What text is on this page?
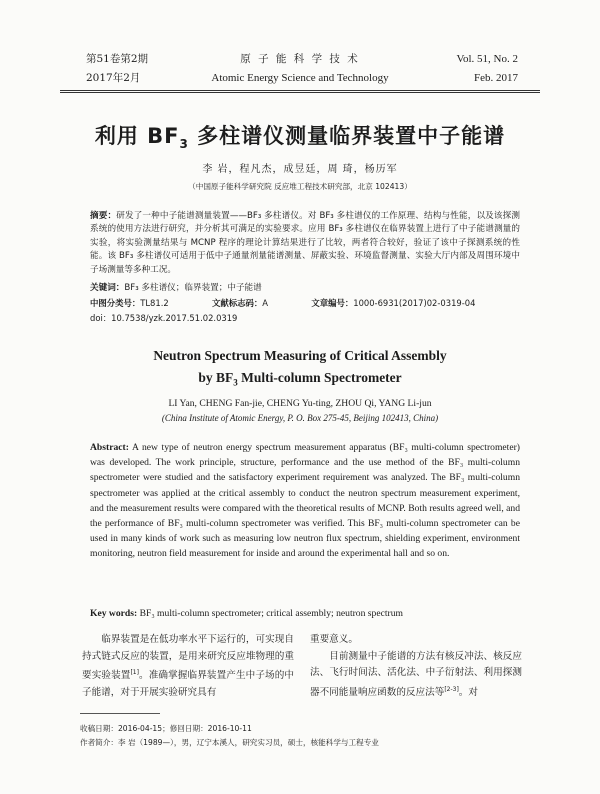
第51卷第2期
2017年2月
原 子 能 科 学 技 术
Atomic Energy Science and Technology
Vol. 51, No. 2
Feb. 2017
利用 $BF_3$ 多柱谱仪测量临界装置中子能谱
李 岩，程凡杰，成昱廷，周 琦，杨历军
（中国原子能科学研究院 反应堆工程技术研究部，北京 102413）
摘要：研发了一种中子能谱测量装置——BF₃ 多柱谱仪。对 BF₃ 多柱谱仪的工作原理、结构与性能，以及该探测系统的使用方法进行研究，并分析其可满足的实验要求。应用 BF₃ 多柱谱仪在临界装置上进行了中子能谱测量的实验，将实验测量结果与 MCNP 程序的理论计算结果进行了比较，两者符合较好，验证了该中子探测系统的性能。该 BF₃ 多柱谱仪可适用于低中子通量剂量能谱测量、屏蔽实验、环境监督测量、实验大厅内部及周围环境中子场测量等多种工况。
关键词：BF₃ 多柱谱仪；临界装置；中子能谱
中图分类号：TL81.2	文献标志码：A	文章编号：1000-6931(2017)02-0319-04
doi：10.7538/yzk.2017.51.02.0319
Neutron Spectrum Measuring of Critical Assembly
by $BF_3$ Multi-column Spectrometer
LI Yan, CHENG Fan-jie, CHENG Yu-ting, ZHOU Qi, YANG Li-jun
(China Institute of Atomic Energy, P. O. Box 275-45, Beijing 102413, China)
Abstract: A new type of neutron energy spectrum measurement apparatus (BF₃ multi-column spectrometer) was developed. The work principle, structure, performance and the use method of the BF₃ multi-column spectrometer were studied and the satisfactory experiment requirement was analyzed. The BF₃ multi-column spectrometer was applied at the critical assembly to conduct the neutron spectrum measurement experiment, and the measurement results were compared with the theoretical results of MCNP. Both results agreed well, and the performance of BF₃ multi-column spectrometer was verified. This BF₃ multi-column spectrometer can be used in many kinds of work such as measuring low neutron flux spectrum, shielding experiment, environment monitoring, neutron field measurement for inside and around the experimental hall and so on.
Key words: BF₃ multi-column spectrometer; critical assembly; neutron spectrum
临界装置是在低功率水平下运行的，可实现自持式链式反应的装置，是用来研究反应堆物理的重要实验装置[1]。准确掌握临界装置产生中子场的中子能谱，对于开展实验研究具有
重要意义。
目前测量中子能谱的方法有核反冲法、核反应法、飞行时间法、活化法、中子衍射法、利用探测器不同能量响应函数的反应法等[2-3]。对
收稿日期：2016-04-15；修回日期：2016-10-11
作者简介：李 岩（1989—），男，辽宁本溪人，研究实习员，硕士，核能科学与工程专业
